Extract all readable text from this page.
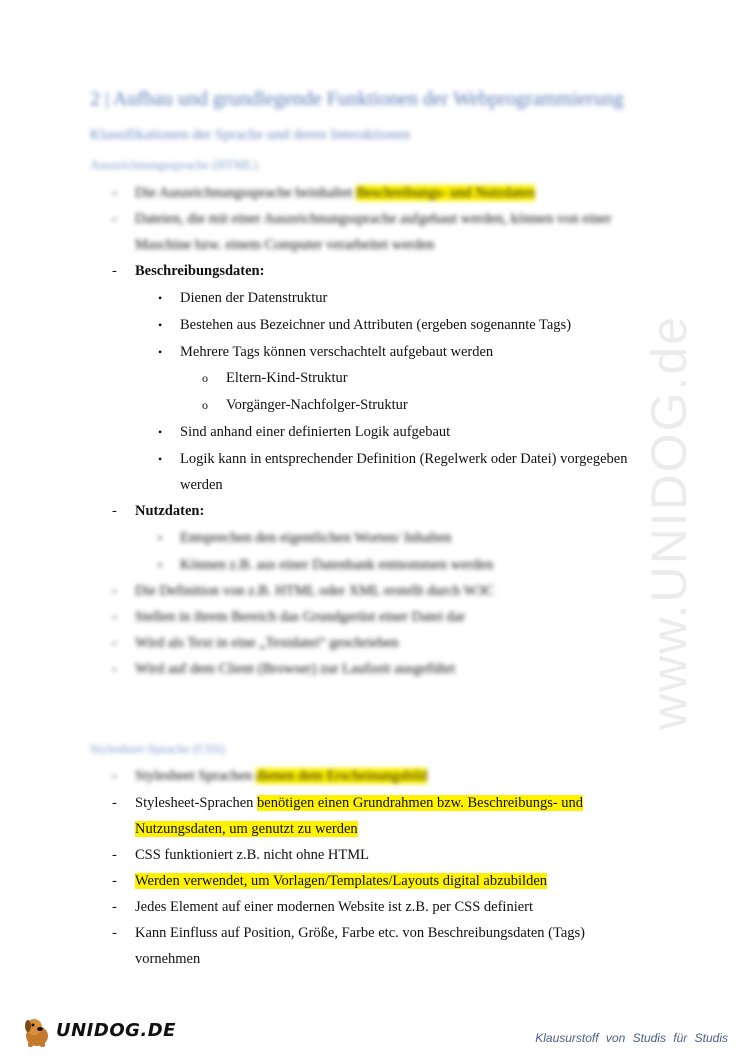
www.UNIDOG.de
2 | Aufbau und grundlegende Funktionen der Webprogrammierung
Klassifikationen der Sprache und deren Interaktionen
Auszeichnungssprache (HTML)
-	Die Auszeichnungssprache beinhaltet Beschreibungs- und Nutzdaten
-	Dateien, die mit einer Auszeichnungssprache aufgebaut werden, können von einer
Maschine bzw. einem Computer verarbeitet werden
-	Beschreibungsdaten:
• Dienen der Datenstruktur
• Bestehen aus Bezeichner und Attributen (ergeben sogenannte Tags)
• Mehrere Tags können verschachtelt aufgebaut werden
o Eltern-Kind-Struktur
o Vorgänger-Nachfolger-Struktur
• Sind anhand einer definierten Logik aufgebaut
• Logik kann in entsprechender Definition (Regelwerk oder Datei) vorgegeben
werden
-	Nutzdaten:
• Entsprechen den eigentlichen Worten/ Inhalten
• Können z.B. aus einer Datenbank entnommen werden
-	Die Definition von z.B. HTML oder XML erstellt durch W3C
-	Stellen in ihrem Bereich das Grundgerüst einer Datei dar
-	Wird als Text in eine „Textdatei“ geschrieben
-	Wird auf dem Client (Browser) zur Laufzeit ausgeführt
Stylesheet-Sprache (CSS)
-	Stylesheet Sprachen dienen dem Erscheinungsbild
-	Stylesheet-Sprachen benötigen einen Grundrahmen bzw. Beschreibungs- und
Nutzungsdaten, um genutzt zu werden
-	CSS funktioniert z.B. nicht ohne HTML
-	Werden verwendet, um Vorlagen/Templates/Layouts digital abzubilden
-	Jedes Element auf einer modernen Website ist z.B. per CSS definiert
-	Kann Einfluss auf Position, Größe, Farbe etc. von Beschreibungsdaten (Tags)
vornehmen
UNIDOG.DE	Klausurstoff von Studis für Studis
